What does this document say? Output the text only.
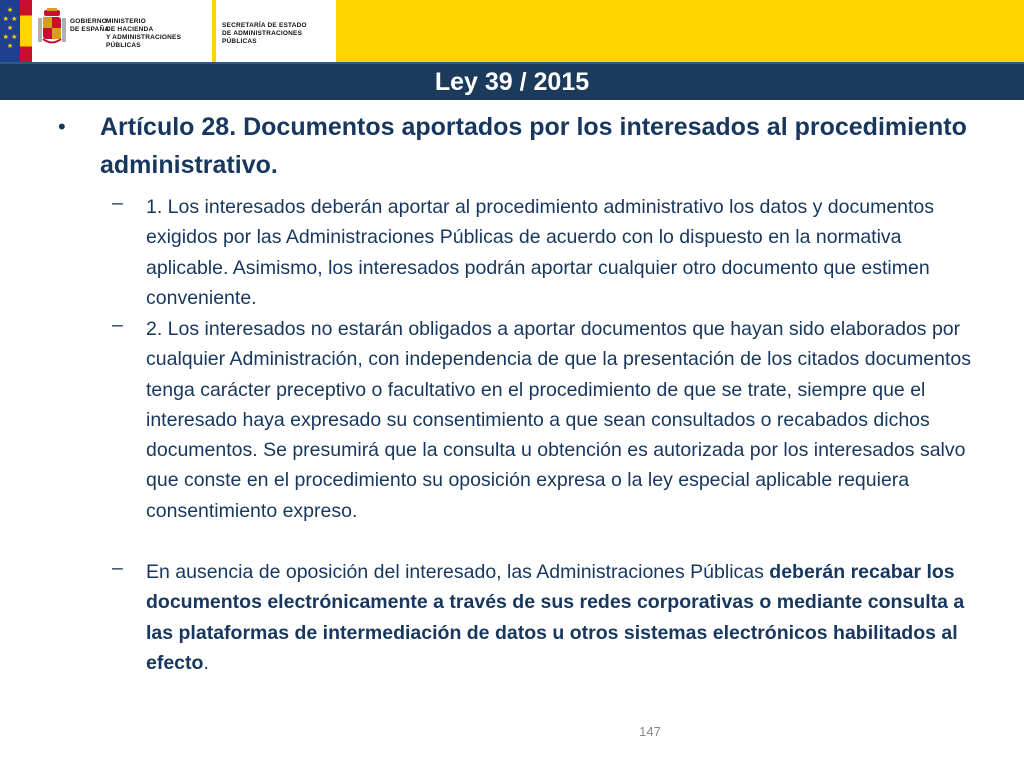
★
★ ★
★
★ ★
★
GOBIERNO
DE ESPAÑA
MINISTERIO
DE HACIENDA
Y ADMINISTRACIONES PÚBLICAS
SECRETARÍA DE ESTADO
DE ADMINISTRACIONES PÚBLICAS
Ley 39 / 2015
• Artículo 28. Documentos aportados por los interesados al procedimiento administrativo.
– 1. Los interesados deberán aportar al procedimiento administrativo los datos y documentos exigidos por las Administraciones Públicas de acuerdo con lo dispuesto en la normativa aplicable. Asimismo, los interesados podrán aportar cualquier otro documento que estimen conveniente.

– 2. Los interesados no estarán obligados a aportar documentos que hayan sido elaborados por cualquier Administración, con independencia de que la presentación de los citados documentos tenga carácter preceptivo o facultativo en el procedimiento de que se trate, siempre que el interesado haya expresado su consentimiento a que sean consultados o recabados dichos documentos. Se presumirá que la consulta u obtención es autorizada por los interesados salvo que conste en el procedimiento su oposición expresa o la ley especial aplicable requiera consentimiento expreso.

– En ausencia de oposición del interesado, las Administraciones Públicas deberán recabar los documentos electrónicamente a través de sus redes corporativas o mediante consulta a las plataformas de intermediación de datos u otros sistemas electrónicos habilitados al efecto.

147
